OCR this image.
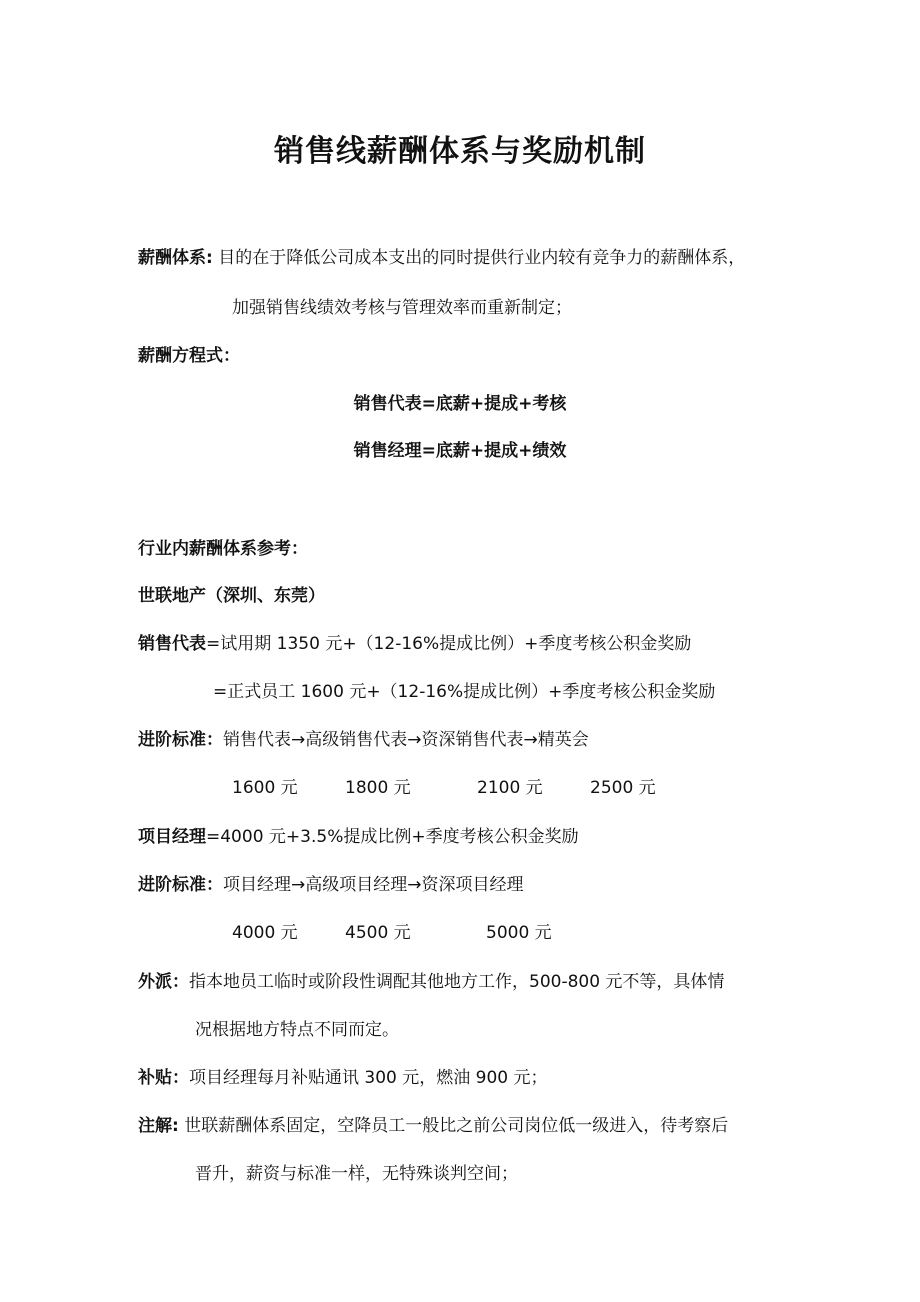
销售线薪酬体系与奖励机制
薪酬体系: 目的在于降低公司成本支出的同时提供行业内较有竞争力的薪酬体系，
加强销售线绩效考核与管理效率而重新制定；
薪酬方程式：
销售代表=底薪+提成+考核
销售经理=底薪+提成+绩效
行业内薪酬体系参考：
世联地产（深圳、东莞）
销售代表=试用期 1350 元+（12-16%提成比例）+季度考核公积金奖励
=正式员工 1600 元+（12-16%提成比例）+季度考核公积金奖励
进阶标准：销售代表→高级销售代表→资深销售代表→精英会
1600 元	1800 元	2100 元	2500 元
项目经理=4000 元+3.5%提成比例+季度考核公积金奖励
进阶标准：项目经理→高级项目经理→资深项目经理
4000 元	4500 元	5000 元
外派：指本地员工临时或阶段性调配其他地方工作，500-800 元不等，具体情
况根据地方特点不同而定。
补贴：项目经理每月补贴通讯 300 元，燃油 900 元；
注解: 世联薪酬体系固定，空降员工一般比之前公司岗位低一级进入，待考察后
晋升，薪资与标准一样，无特殊谈判空间；
